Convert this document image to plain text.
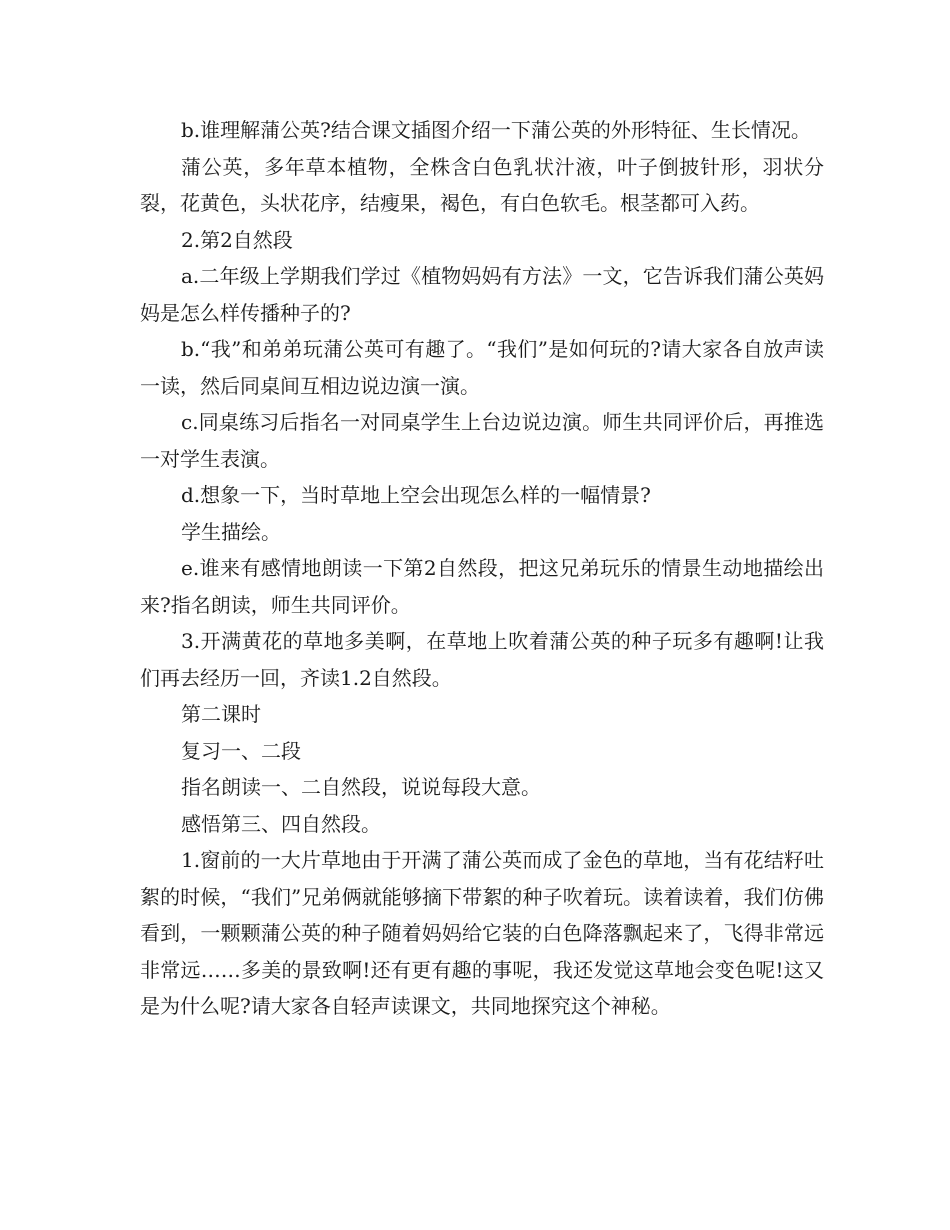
b.谁理解蒲公英?结合课文插图介绍一下蒲公英的外形特征、生长情况。

蒲公英，多年草本植物，全株含白色乳状汁液，叶子倒披针形，羽状分裂，花黄色，头状花序，结瘦果，褐色，有白色软毛。根茎都可入药。

2.第2自然段

a.二年级上学期我们学过《植物妈妈有方法》一文，它告诉我们蒲公英妈妈是怎么样传播种子的?

b.“我”和弟弟玩蒲公英可有趣了。“我们”是如何玩的?请大家各自放声读一读，然后同桌间互相边说边演一演。

c.同桌练习后指名一对同桌学生上台边说边演。师生共同评价后，再推选一对学生表演。

d.想象一下，当时草地上空会出现怎么样的一幅情景?

学生描绘。

e.谁来有感情地朗读一下第2自然段，把这兄弟玩乐的情景生动地描绘出来?指名朗读，师生共同评价。

3.开满黄花的草地多美啊，在草地上吹着蒲公英的种子玩多有趣啊!让我们再去经历一回，齐读1.2自然段。

第二课时

复习一、二段

指名朗读一、二自然段，说说每段大意。

感悟第三、四自然段。

1.窗前的一大片草地由于开满了蒲公英而成了金色的草地，当有花结籽吐絮的时候，“我们”兄弟俩就能够摘下带絮的种子吹着玩。读着读着，我们仿佛看到，一颗颗蒲公英的种子随着妈妈给它装的白色降落飘起来了，飞得非常远非常远……多美的景致啊!还有更有趣的事呢，我还发觉这草地会变色呢!这又是为什么呢?请大家各自轻声读课文，共同地探究这个神秘。
